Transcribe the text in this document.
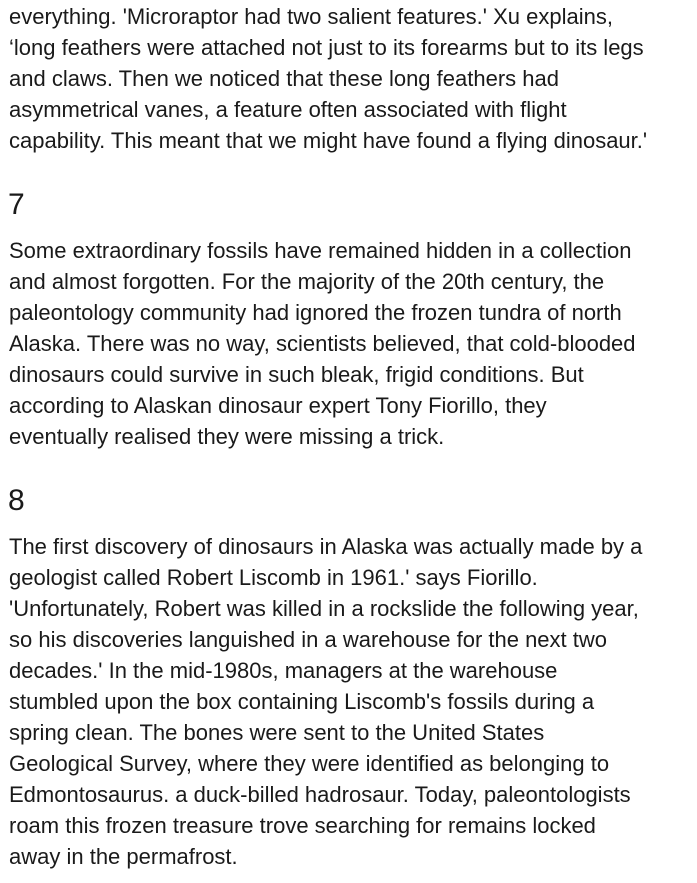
everything. 'Microraptor had two salient features.' Xu explains,
‘long feathers were attached not just to its forearms but to its legs
and claws. Then we noticed that these long feathers had
asymmetrical vanes, a feature often associated with flight
capability. This meant that we might have found a flying dinosaur.'

7

Some extraordinary fossils have remained hidden in a collection
and almost forgotten. For the majority of the 20th century, the
paleontology community had ignored the frozen tundra of north
Alaska. There was no way, scientists believed, that cold-blooded
dinosaurs could survive in such bleak, frigid conditions. But
according to Alaskan dinosaur expert Tony Fiorillo, they
eventually realised they were missing a trick.

8

The first discovery of dinosaurs in Alaska was actually made by a
geologist called Robert Liscomb in 1961.' says Fiorillo.
'Unfortunately, Robert was killed in a rockslide the following year,
so his discoveries languished in a warehouse for the next two
decades.' In the mid-1980s, managers at the warehouse
stumbled upon the box containing Liscomb's fossils during a
spring clean. The bones were sent to the United States
Geological Survey, where they were identified as belonging to
Edmontosaurus. a duck-billed hadrosaur. Today, paleontologists
roam this frozen treasure trove searching for remains locked
away in the permafrost.
